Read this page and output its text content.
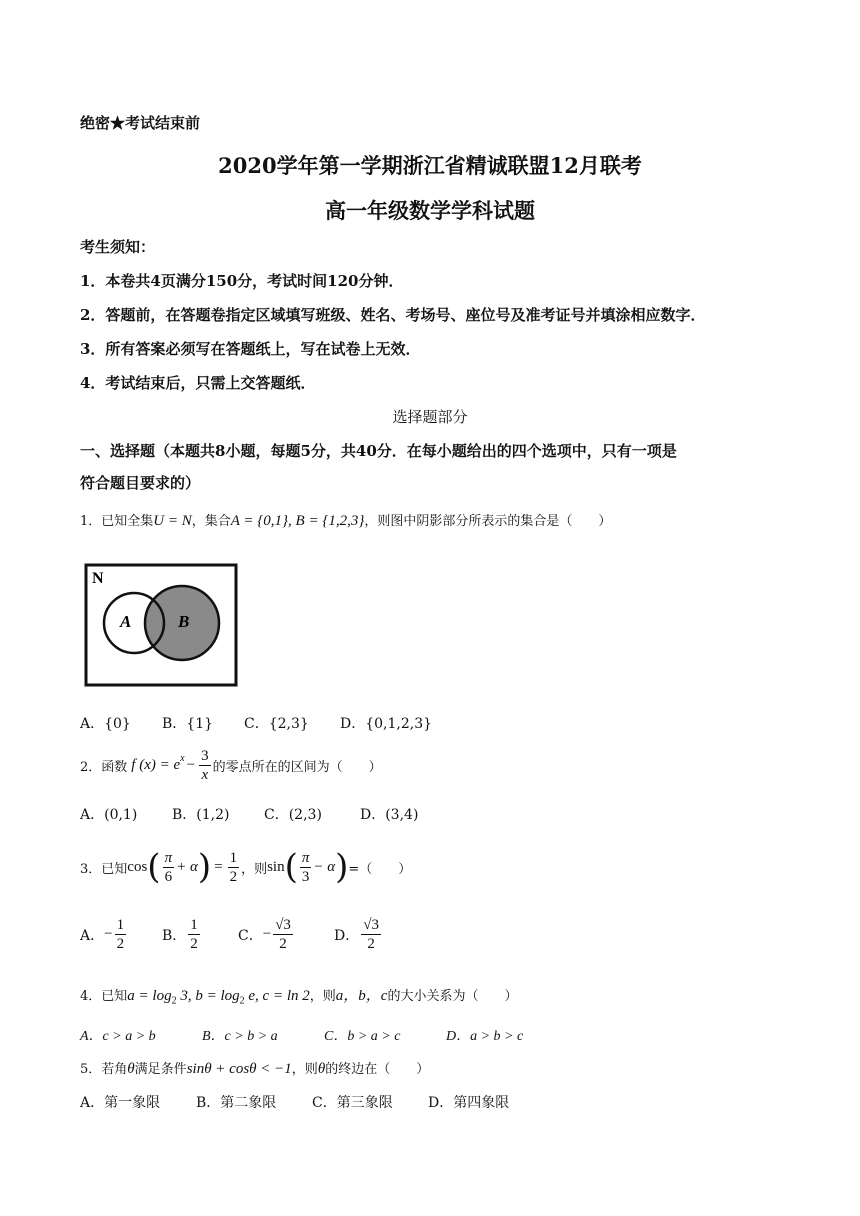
绝密★考试结束前
2020学年第一学期浙江省精诚联盟12月联考
高一年级数学学科试题
考生须知：
1．本卷共4页满分150分，考试时间120分钟．
2．答题前，在答题卷指定区域填写班级、姓名、考场号、座位号及准考证号并填涂相应数字．
3．所有答案必须写在答题纸上，写在试卷上无效．
4．考试结束后，只需上交答题纸．
选择题部分
一、选择题（本题共8小题，每题5分，共40分．在每小题给出的四个选项中，只有一项是
符合题目要求的）
1．已知全集U = N，集合A = {0,1}, B = {1,2,3}，则图中阴影部分所表示的集合是（　　）
N
A	B
A．{0} B．{1} C．{2,3} D．{0,1,2,3}
2． 函数 f $(x) = e^x - \frac{3}{x}$ 的零点所在的区间为（　　）
A．(0,1) B．(1,2) C．(2,3)	D．(3,4)
3． 已知 cos ( $\frac{\pi}{6} + \alpha$ ) = $\frac{1}{2}$ ，则 sin ( $\frac{\pi}{3} - \alpha$ ) =（　　）
A． − $\frac{1}{2}$	B． $\frac{1}{2}$	C． − $\frac{√3}{2}$	D． $\frac{√3}{2}$
4．已知$a = \log_2 3$, $b = \log_2 e$, c = ln 2，则a，b，c的大小关系为（　　）
A．c > a > b	B．c > b > a	C．b > a > c	D．a > b > c
5．若角θ满足条件sinθ + cosθ < −1，则θ的终边在（　　）
A．第一象限	B．第二象限	C．第三象限	D．第四象限
